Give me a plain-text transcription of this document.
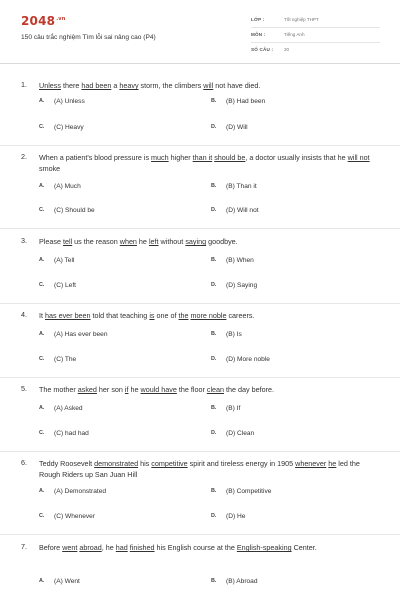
$2048^{.vn}$
150 câu trắc nghiệm Tìm lỗi sai nâng cao (P4)
LỚP :	Tốt nghiệp THPT
MÔN :	Tiếng Anh
SỐ CÂU : 20
1. Unless there had been a heavy storm, the climbers will not have died.
A. (A) Unless	B. (B) Had been
C. (C) Heavy	D. (D) Will
2. When a patient's blood pressure is much higher than it should be, a doctor usually insists that he will not smoke
A. (A) Much	B. (B) Than it
C. (C) Should be	D. (D) Will not
3. Please tell us the reason when he left without saying goodbye.
A. (A) Tell	B. (B) When
C. (C) Left	D. (D) Saying
4. It has ever been told that teaching is one of the more noble careers.
A. (A) Has ever been	B. (B) Is
C. (C) The	D. (D) More noble
5. The mother asked her son if he would have the floor clean the day before.
A. (A) Asked	B. (B) If
C. (C) had had	D. (D) Clean
6. Teddy Roosevelt demonstrated his competitive spirit and tireless energy in 1905 whenever he led the Rough Riders up San Juan Hill
A. (A) Demonstrated	B. (B) Competitive
C. (C) Whenever	D. (D) He
7. Before went abroad, he had finished his English course at the English-speaking Center.
A. (A) Went	B. (B) Abroad
